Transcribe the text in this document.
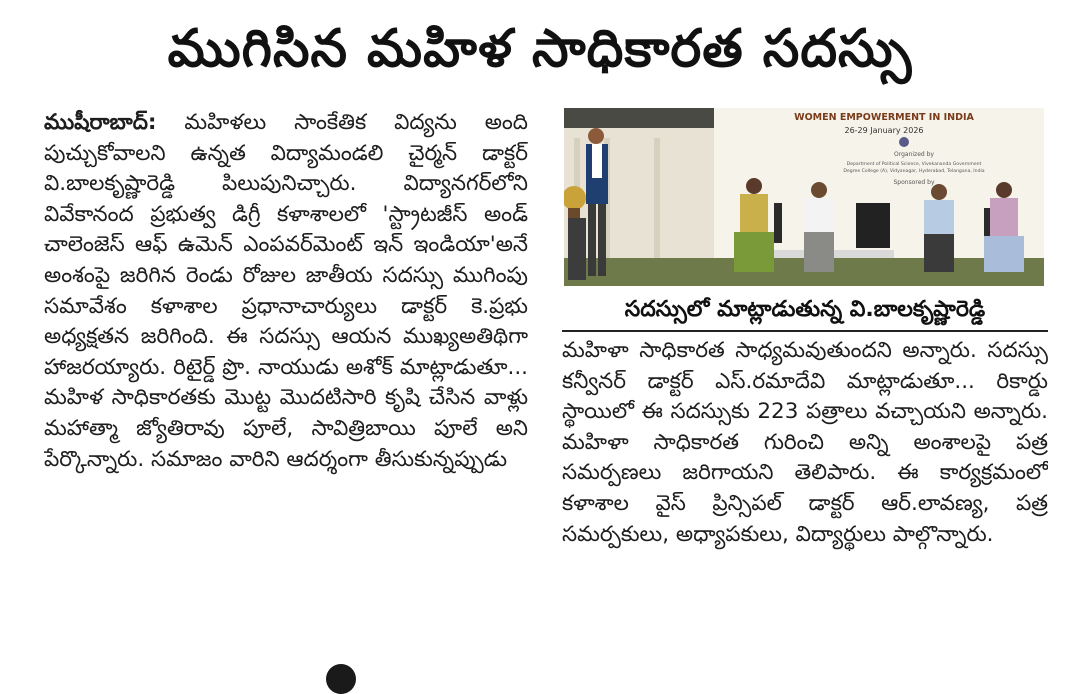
ముగిసిన మహిళ సాధికారత సదస్సు

ముషీరాబాద్: మహిళలు సాంకేతిక విద్యను అంది పుచ్చుకోవాలని ఉన్నత విద్యామండలి చైర్మన్ డాక్టర్ వి.బాలకృష్ణారెడ్డి పిలుపునిచ్చారు. విద్యానగర్‌లోని వివేకానంద ప్రభుత్వ డిగ్రీ కళాశాలలో 'స్ట్రాటజీస్ అండ్ చాలెంజెస్ ఆఫ్ ఉమెన్ ఎంపవర్‌మెంట్ ఇన్ ఇండియా'అనే అంశంపై జరిగిన రెండు రోజుల జాతీయ సదస్సు ముగింపు సమావేశం కళాశాల ప్రధానాచార్యులు డాక్టర్ కె.ప్రభు అధ్యక్షతన జరిగింది. ఈ సదస్సు ఆయన ముఖ్యఅతిథిగా హాజరయ్యారు. రిటైర్డ్ ప్రొ. నాయుడు అశోక్ మాట్లాడుతూ... మహిళ సాధికారతకు మొట్ట మొదటిసారి కృషి చేసిన వాళ్లు మహాత్మా జ్యోతిరావు పూలే, సావిత్రిబాయి పూలే అని పేర్కొన్నారు. సమాజం వారిని ఆదర్శంగా తీసుకున్నప్పుడు

WOMEN EMPOWERMENT IN INDIA
26-29 January 2026
Organized by
Department of Political Science, Vivekananda Government
Degree College (A), Vidyanagar, Hyderabad, Telangana, India
Sponsored by
సదస్సులో మాట్లాడుతున్న వి.బాలకృష్ణారెడ్డి

మహిళా సాధికారత సాధ్యమవుతుందని అన్నారు. సదస్సు కన్వీనర్ డాక్టర్ ఎస్.రమాదేవి మాట్లాడుతూ... రికార్డు స్థాయిలో ఈ సదస్సుకు 223 పత్రాలు వచ్చాయని అన్నారు. మహిళా సాధికారత గురించి అన్ని అంశాలపై పత్ర సమర్పణలు జరిగాయని తెలిపారు. ఈ కార్యక్రమంలో కళాశాల వైస్ ప్రిన్సిపల్ డాక్టర్ ఆర్.లావణ్య, పత్ర సమర్పకులు, అధ్యాపకులు, విద్యార్థులు పాల్గొన్నారు.
